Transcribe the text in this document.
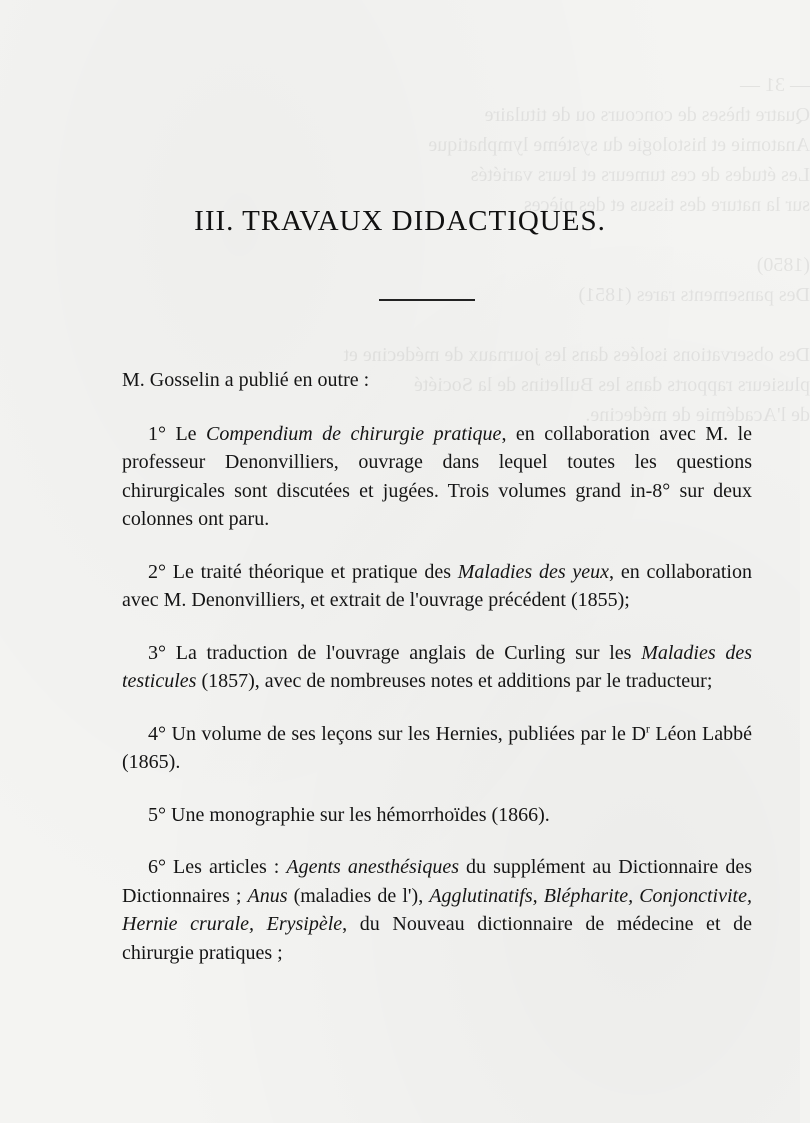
— 31 —
Quatre thèses de concours ou de titulaire
Anatomie et histologie du système lymphatique
Les études de ces tumeurs et leurs variétés
sur la nature des tissus et des pièces

(1850)
Des pansements rares (1851)

Des observations isolées dans les journaux de médecine et
plusieurs rapports dans les Bulletins de la Société
de l'Académie de médecine.
III. TRAVAUX DIDACTIQUES.

M. Gosselin a publié en outre :

1° Le Compendium de chirurgie pratique, en collaboration avec M. le professeur Denonvilliers, ouvrage dans lequel toutes les questions chirurgicales sont discutées et jugées. Trois volumes grand in-8° sur deux colonnes ont paru.

2° Le traité théorique et pratique des Maladies des yeux, en collaboration avec M. Denonvilliers, et extrait de l'ouvrage précédent (1855);

3° La traduction de l'ouvrage anglais de Curling sur les Maladies des testicules (1857), avec de nombreuses notes et additions par le traducteur;

4° Un volume de ses leçons sur les Hernies, publiées par le $D^r$ Léon Labbé (1865).

5° Une monographie sur les hémorrhoïdes (1866).

6° Les articles : Agents anesthésiques du supplément au Dictionnaire des Dictionnaires ; Anus (maladies de l'), Agglutinatifs, Blépharite, Conjonctivite, Hernie crurale, Erysipèle, du Nouveau dictionnaire de médecine et de chirurgie pratiques ;
